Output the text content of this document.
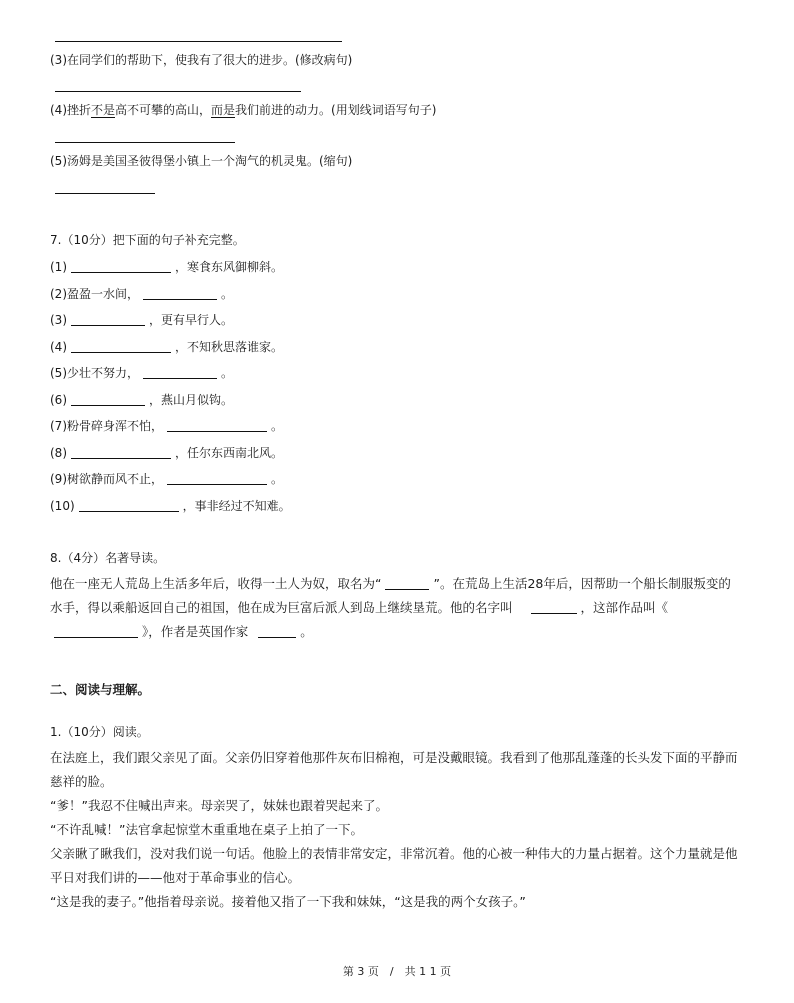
(3)在同学们的帮助下，使我有了很大的进步。(修改病句)
(4)挫折不是高不可攀的高山，而是我们前进的动力。(用划线词语写句子)
(5)汤姆是美国圣彼得堡小镇上一个淘气的机灵鬼。(缩句)
7.（10分）把下面的句子补充完整。
(1)	，寒食东风御柳斜。
(2)盈盈一水间，	。
(3)	，更有早行人。
(4)	，不知秋思落谁家。
(5)少壮不努力，	。
(6)	，燕山月似钩。
(7)粉骨碎身浑不怕，	。
(8)	，任尔东西南北风。
(9)树欲静而风不止，	。
(10)	，事非经过不知难。
8.（4分）名著导读。
他在一座无人荒岛上生活多年后，收得一土人为奴，取名为“	”。在荒岛上生活28年后，因帮助一个船长制服叛变的水手，得以乘船返回自己的祖国，他在成为巨富后派人到岛上继续垦荒。他的名字叫	，这部作品叫《》，作者是英国作家	。
二、阅读与理解。
1.（10分）阅读。
在法庭上，我们跟父亲见了面。父亲仍旧穿着他那件灰布旧棉袍，可是没戴眼镜。我看到了他那乱蓬蓬的长头发下面的平静而慈祥的脸。
“爹！”我忍不住喊出声来。母亲哭了，妹妹也跟着哭起来了。
“不许乱喊！”法官拿起惊堂木重重地在桌子上拍了一下。
父亲瞅了瞅我们，没对我们说一句话。他脸上的表情非常安定，非常沉着。他的心被一种伟大的力量占据着。这个力量就是他平日对我们讲的——他对于革命事业的信心。
“这是我的妻子。”他指着母亲说。接着他又指了一下我和妹妹，“这是我的两个女孩子。”
第 3 页　/　共 1 1 页
